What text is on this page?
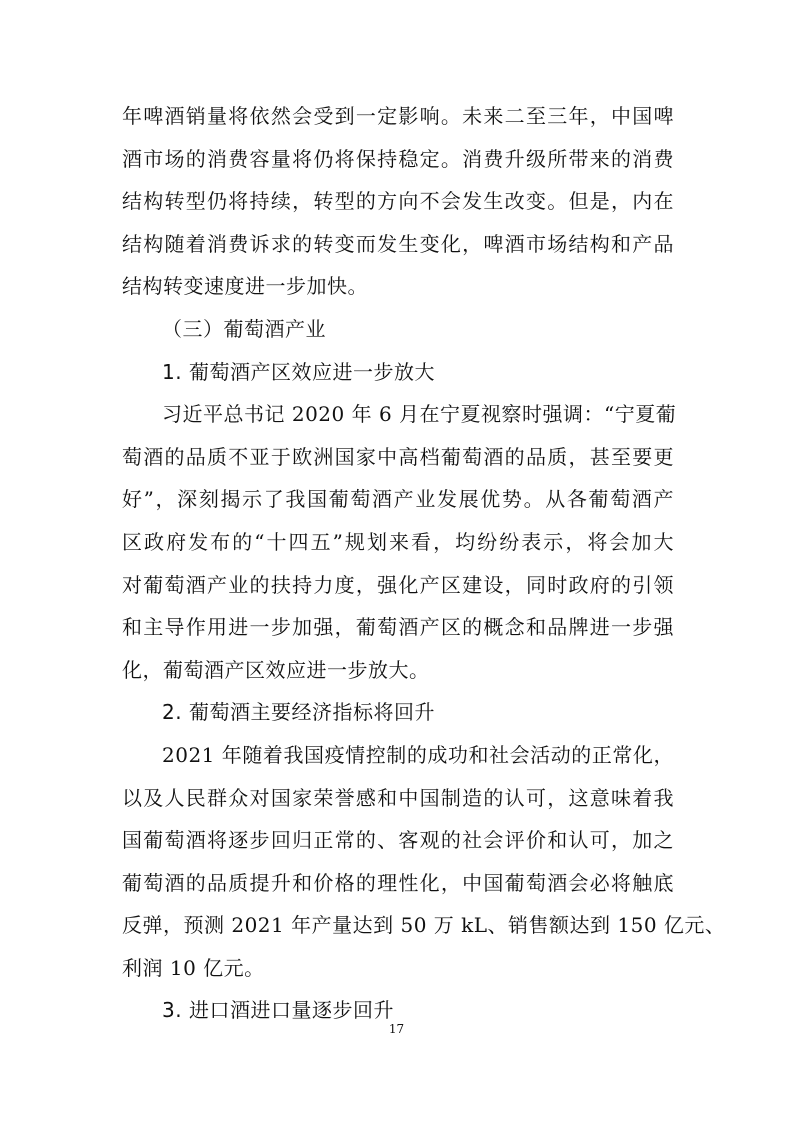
年啤酒销量将依然会受到一定影响。未来二至三年，中国啤
酒市场的消费容量将仍将保持稳定。消费升级所带来的消费
结构转型仍将持续，转型的方向不会发生改变。但是，内在
结构随着消费诉求的转变而发生变化，啤酒市场结构和产品
结构转变速度进一步加快。
（三）葡萄酒产业
1. 葡萄酒产区效应进一步放大
习近平总书记 2020 年 6 月在宁夏视察时强调：“宁夏葡
萄酒的品质不亚于欧洲国家中高档葡萄酒的品质，甚至要更
好”，深刻揭示了我国葡萄酒产业发展优势。从各葡萄酒产
区政府发布的“十四五”规划来看，均纷纷表示，将会加大
对葡萄酒产业的扶持力度，强化产区建设，同时政府的引领
和主导作用进一步加强，葡萄酒产区的概念和品牌进一步强
化，葡萄酒产区效应进一步放大。
2. 葡萄酒主要经济指标将回升
2021 年随着我国疫情控制的成功和社会活动的正常化，
以及人民群众对国家荣誉感和中国制造的认可，这意味着我
国葡萄酒将逐步回归正常的、客观的社会评价和认可，加之
葡萄酒的品质提升和价格的理性化，中国葡萄酒会必将触底
反弹，预测 2021 年产量达到 50 万 kL、销售额达到 150 亿元、
利润 10 亿元。
3. 进口酒进口量逐步回升
17
